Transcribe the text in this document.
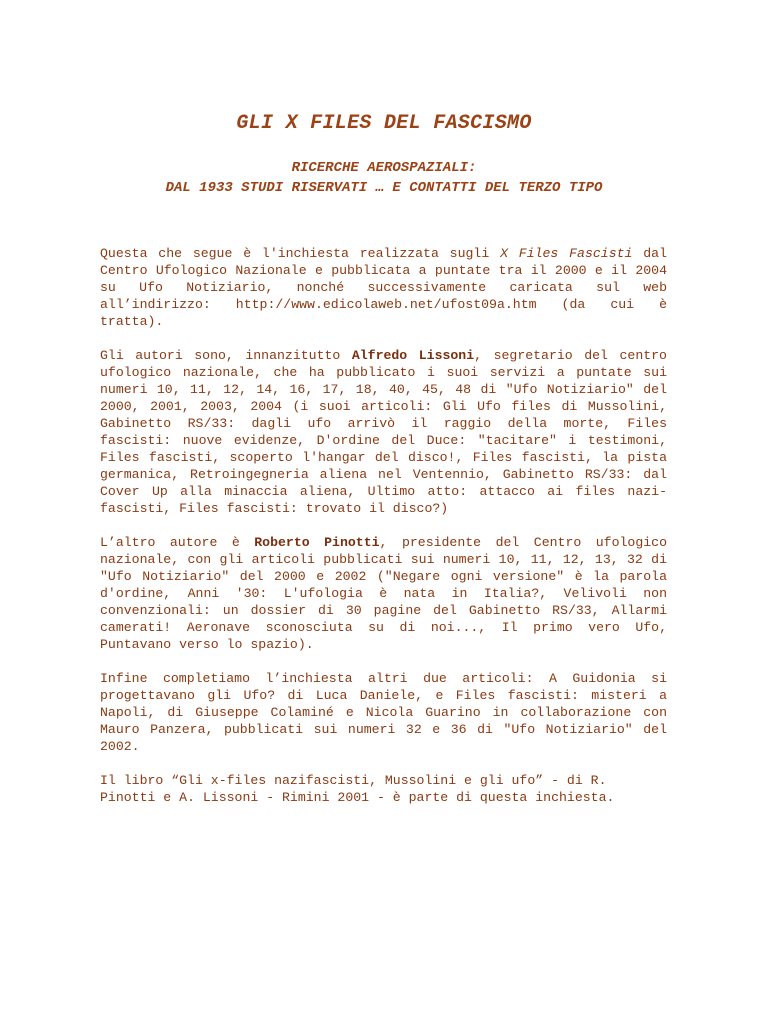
GLI X FILES DEL FASCISMO
RICERCHE AEROSPAZIALI:
DAL 1933 STUDI RISERVATI … E CONTATTI DEL TERZO TIPO

Questa che segue è l'inchiesta realizzata sugli X Files Fascisti dal Centro Ufologico Nazionale e pubblicata a puntate tra il 2000 e il 2004 su Ufo Notiziario, nonché successivamente caricata sul web all’indirizzo: http://www.edicolaweb.net/ufost09a.htm (da cui è tratta).

Gli autori sono, innanzitutto Alfredo Lissoni, segretario del centro ufologico nazionale, che ha pubblicato i suoi servizi a puntate sui numeri 10, 11, 12, 14, 16, 17, 18, 40, 45, 48 di "Ufo Notiziario" del 2000, 2001, 2003, 2004 (i suoi articoli: Gli Ufo files di Mussolini, Gabinetto RS/33: dagli ufo arrivò il raggio della morte, Files fascisti: nuove evidenze, D'ordine del Duce: "tacitare" i testimoni, Files fascisti, scoperto l'hangar del disco!, Files fascisti, la pista germanica, Retroingegneria aliena nel Ventennio, Gabinetto RS/33: dal Cover Up alla minaccia aliena, Ultimo atto: attacco ai files nazi-fascisti, Files fascisti: trovato il disco?)

L’altro autore è Roberto Pinotti, presidente del Centro ufologico nazionale, con gli articoli pubblicati sui numeri 10, 11, 12, 13, 32 di "Ufo Notiziario" del 2000 e 2002 ("Negare ogni versione" è la parola d'ordine, Anni '30: L'ufologia è nata in Italia?, Velivoli non convenzionali: un dossier di 30 pagine del Gabinetto RS/33, Allarmi camerati! Aeronave sconosciuta su di noi..., Il primo vero Ufo, Puntavano verso lo spazio).

Infine completiamo l’inchiesta altri due articoli: A Guidonia si progettavano gli Ufo? di Luca Daniele, e Files fascisti: misteri a Napoli, di Giuseppe Colaminé e Nicola Guarino in collaborazione con Mauro Panzera, pubblicati sui numeri 32 e 36 di "Ufo Notiziario" del 2002.

Il libro “Gli x-files nazifascisti, Mussolini e gli ufo” - di R. Pinotti e A. Lissoni - Rimini 2001 - è parte di questa inchiesta.
